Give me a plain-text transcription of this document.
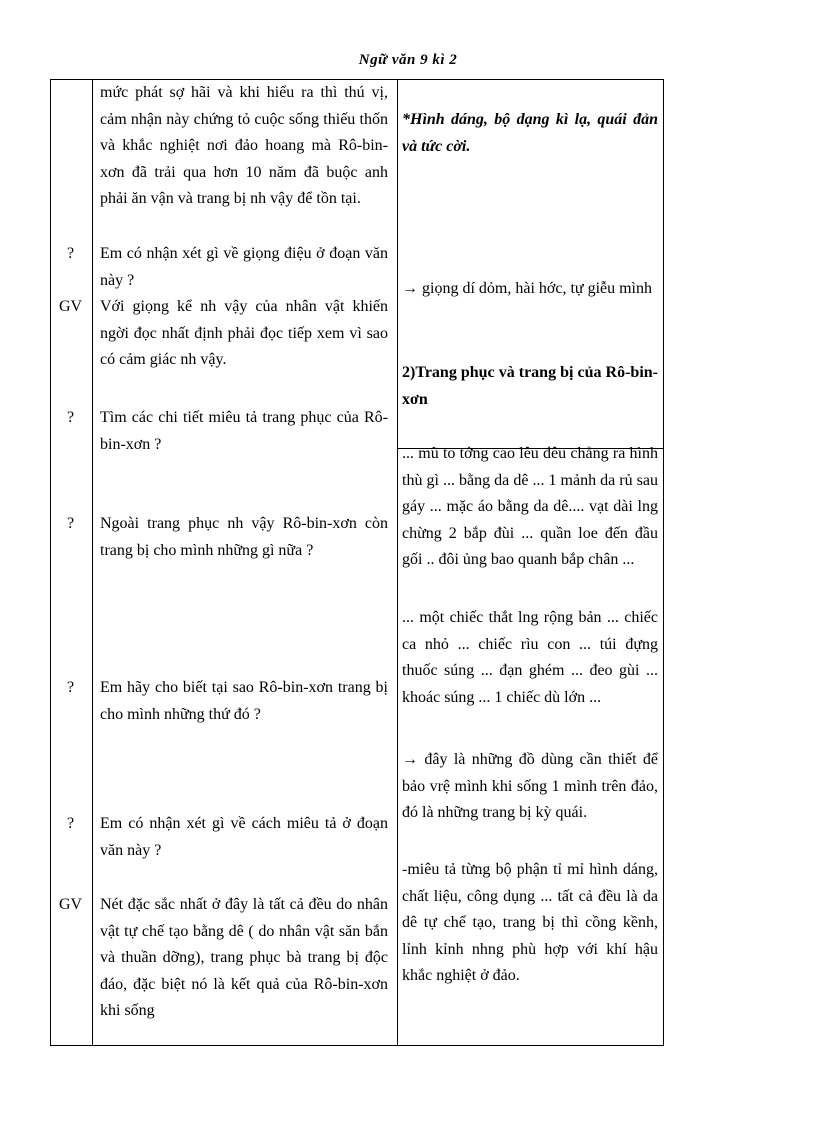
Ngữ văn 9 kì 2
?
GV
?
?
?
?
GV
mức phát sợ hãi và khi hiểu ra thì thú vị, cảm nhận này chứng tỏ cuộc sống thiếu thốn và khắc nghiệt nơi đảo hoang mà Rô-bin-xơn đã trải qua hơn 10 năm đã buộc anh phải ăn vận và trang bị nh vậy để tồn tại.
Em có nhận xét gì về giọng điệu ở đoạn văn này ?
Với giọng kể nh vậy của nhân vật khiến ngời đọc nhất định phải đọc tiếp xem vì sao có cảm giác nh vậy.
Tìm các chi tiết miêu tả trang phục của Rô-bin-xơn ?
Ngoài trang phục nh vậy Rô-bin-xơn còn trang bị cho mình những gì nữa ?
Em hãy cho biết tại sao Rô-bin-xơn trang bị cho mình những thứ đó ?
Em có nhận xét gì về cách miêu tả ở đoạn văn này ?
Nét đặc sắc nhất ở đây là tất cả đều do nhân vật tự chế tạo bằng dê ( do nhân vật săn bắn và thuần dỡng), trang phục bà trang bị độc đáo, đặc biệt nó là kết quả của Rô-bin-xơn khi sống
*Hình dáng, bộ dạng kì lạ, quái đản và tức cời.
→ giọng dí dỏm, hài hớc, tự giễu mình
2)Trang phục và trang bị của Rô-bin-xơn
... mũ to tớng cao lêu đêu chẳng ra hình thù gì ... bằng da dê ... 1 mảnh da rủ sau gáy ... mặc áo bằng da dê.... vạt dài lng chừng 2 bắp đùi ... quần loe đến đầu gối .. đôi ủng bao quanh bắp chân ...
... một chiếc thắt lng rộng bản ... chiếc ca nhỏ ... chiếc rìu con ... túi đựng thuốc súng ... đạn ghém ... đeo gùi ... khoác súng ... 1 chiếc dù lớn ...
→ đây là những đồ dùng cần thiết để bảo vrệ mình khi sống 1 mình trên đảo, đó là những trang bị kỳ quái.
-miêu tả từng bộ phận tỉ mỉ hình dáng, chất liệu, công dụng ... tất cả đều là da dê tự chế tạo, trang bị thì cồng kềnh, lỉnh kỉnh nhng phù hợp với khí hậu khắc nghiệt ở đảo.
